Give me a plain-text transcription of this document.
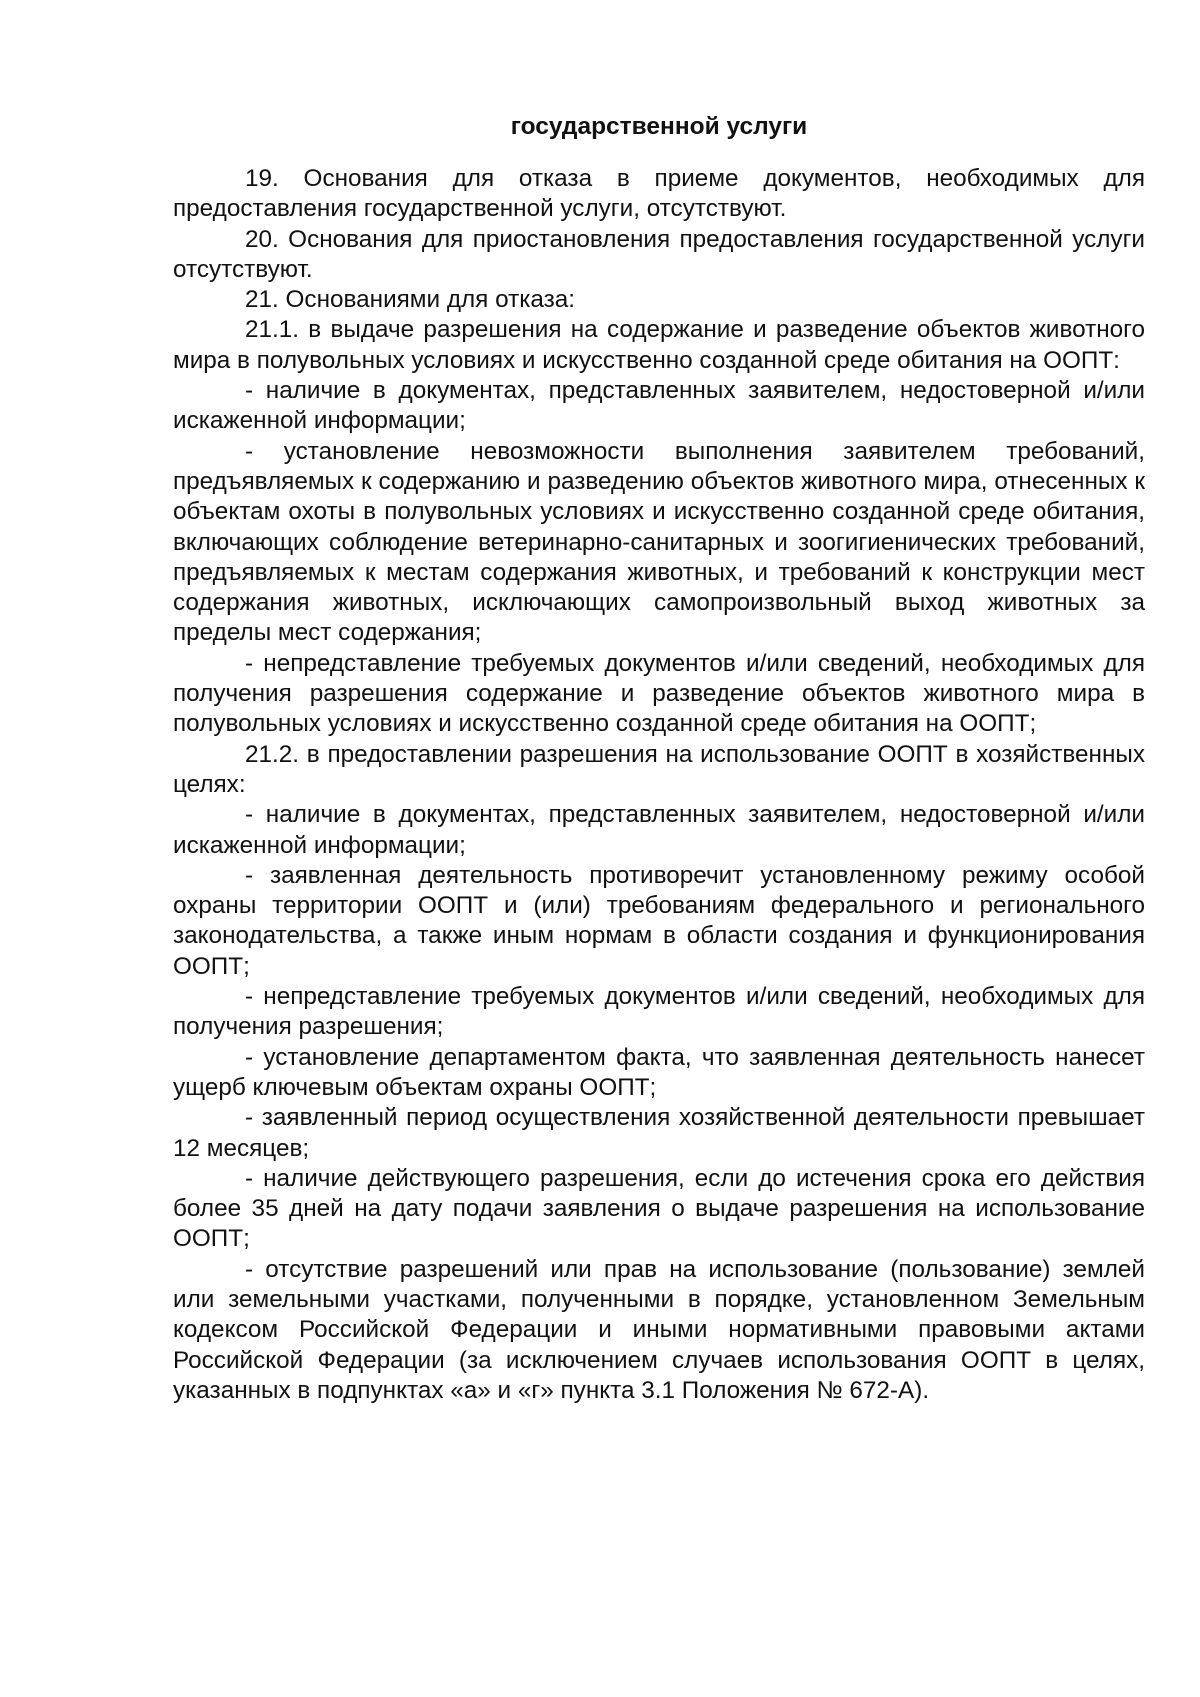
государственной услуги

19. Основания для отказа в приеме документов, необходимых для предоставления государственной услуги, отсутствуют.

20. Основания для приостановления предоставления государственной услуги отсутствуют.

21. Основаниями для отказа:

21.1. в выдаче разрешения на содержание и разведение объектов животного мира в полувольных условиях и искусственно созданной среде обитания на ООПТ:

- наличие в документах, представленных заявителем, недостоверной и/или искаженной информации;

- установление невозможности выполнения заявителем требований, предъявляемых к содержанию и разведению объектов животного мира, отнесенных к объектам охоты в полувольных условиях и искусственно созданной среде обитания, включающих соблюдение ветеринарно-санитарных и зоогигиенических требований, предъявляемых к местам содержания животных, и требований к конструкции мест содержания животных, исключающих самопроизвольный выход животных за пределы мест содержания;

- непредставление требуемых документов и/или сведений, необходимых для получения разрешения содержание и разведение объектов животного мира в полувольных условиях и искусственно созданной среде обитания на ООПТ;

21.2. в предоставлении разрешения на использование ООПТ в хозяйственных целях:

- наличие в документах, представленных заявителем, недостоверной и/или искаженной информации;

- заявленная деятельность противоречит установленному режиму особой охраны территории ООПТ и (или) требованиям федерального и регионального законодательства, а также иным нормам в области создания и функционирования ООПТ;

- непредставление требуемых документов и/или сведений, необходимых для получения разрешения;

- установление департаментом факта, что заявленная деятельность нанесет ущерб ключевым объектам охраны ООПТ;

- заявленный период осуществления хозяйственной деятельности превышает 12 месяцев;

- наличие действующего разрешения, если до истечения срока его действия более 35 дней на дату подачи заявления о выдаче разрешения на использование ООПТ;

- отсутствие разрешений или прав на использование (пользование) землей или земельными участками, полученными в порядке, установленном Земельным кодексом Российской Федерации и иными нормативными правовыми актами Российской Федерации (за исключением случаев использования ООПТ в целях, указанных в подпунктах «а» и «г» пункта 3.1 Положения № 672-А).
